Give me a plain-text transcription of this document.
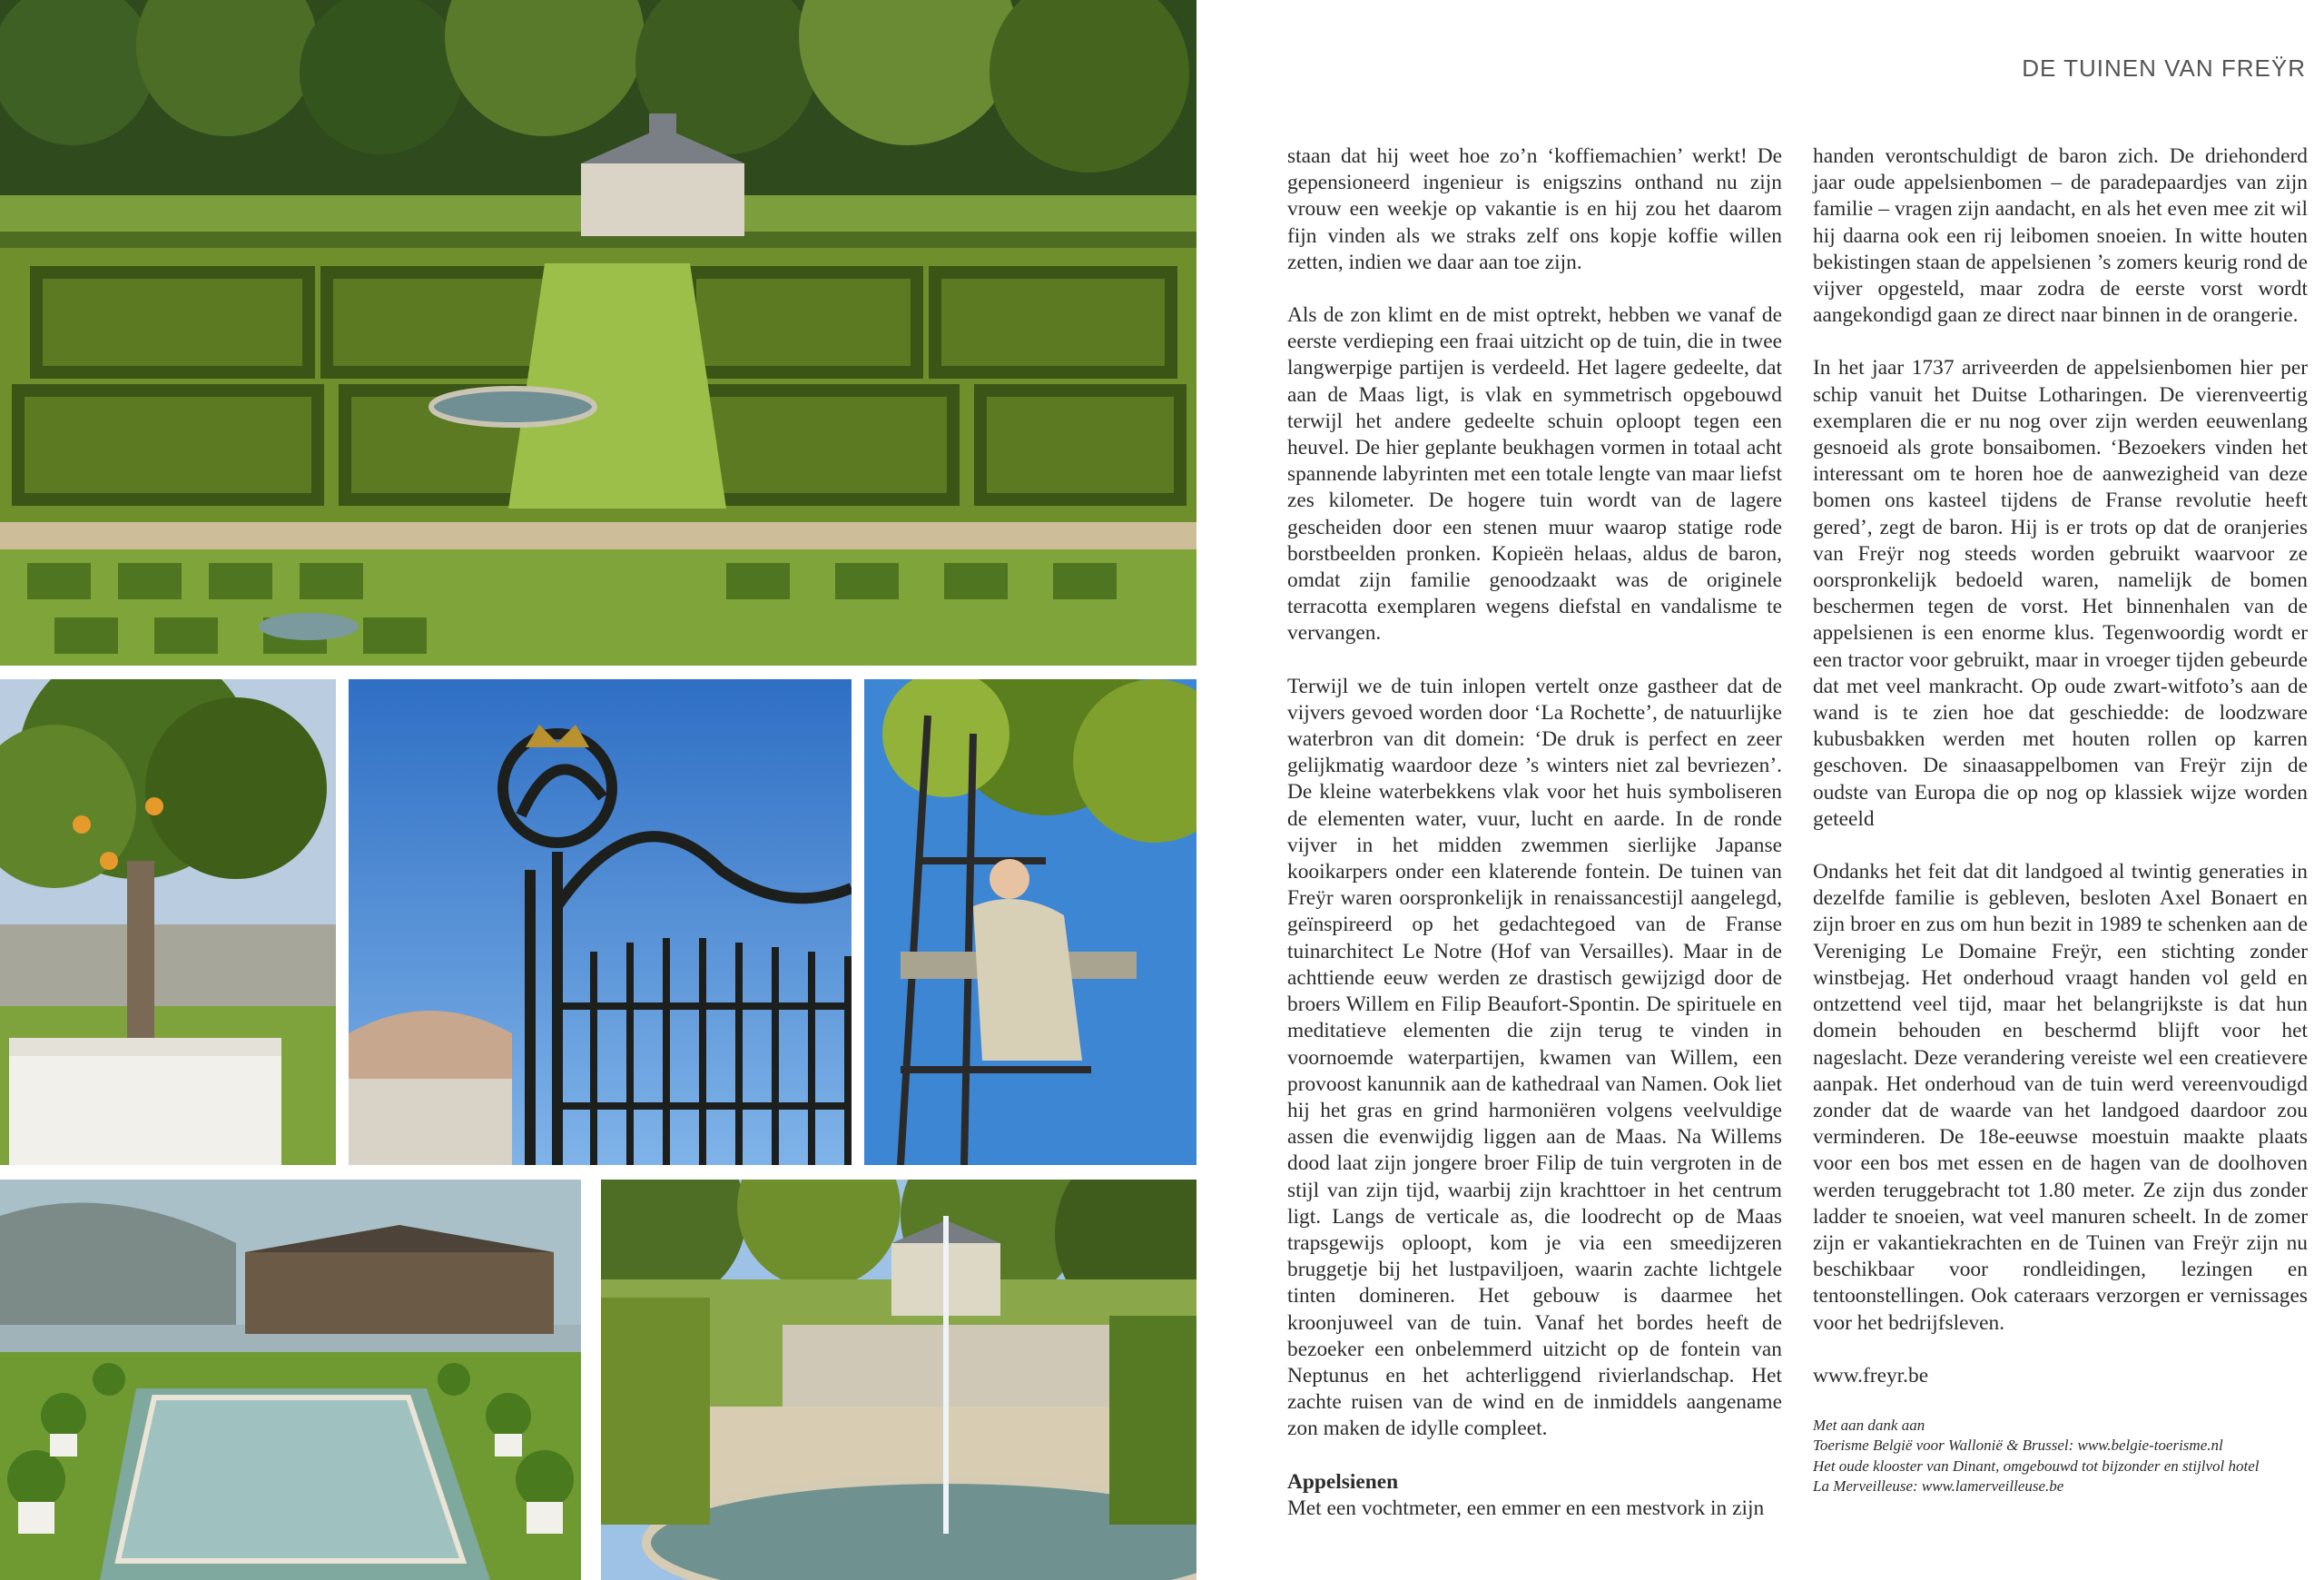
DE TUINEN VAN FREŸR

staan dat hij weet hoe zo’n ‘koffiemachien’ werkt! De gepensioneerd ingenieur is enigszins onthand nu zijn vrouw een weekje op vakantie is en hij zou het daarom fijn vinden als we straks zelf ons kopje koffie willen zetten, indien we daar aan toe zijn.

Als de zon klimt en de mist optrekt, hebben we vanaf de eerste verdieping een fraai uitzicht op de tuin, die in twee langwerpige partijen is verdeeld. Het lagere gedeelte, dat aan de Maas ligt, is vlak en symmetrisch opgebouwd terwijl het andere gedeelte schuin oploopt tegen een heuvel. De hier geplante beukhagen vormen in totaal acht spannende labyrinten met een totale lengte van maar liefst zes kilometer. De hogere tuin wordt van de lagere gescheiden door een stenen muur waarop statige rode borstbeelden pronken. Kopieën helaas, aldus de baron, omdat zijn familie genoodzaakt was de originele terracotta exemplaren wegens diefstal en vandalisme te vervangen.

Terwijl we de tuin inlopen vertelt onze gastheer dat de vijvers gevoed worden door ‘La Rochette’, de natuurlijke waterbron van dit domein: ‘De druk is perfect en zeer gelijkmatig waardoor deze ’s winters niet zal bevriezen’. De kleine waterbekkens vlak voor het huis symboliseren de elementen water, vuur, lucht en aarde. In de ronde vijver in het midden zwemmen sierlijke Japanse kooikarpers onder een klaterende fontein. De tuinen van Freÿr waren oorspronkelijk in renaissancestijl aangelegd, geïnspireerd op het gedachtegoed van de Franse tuinarchitect Le Notre (Hof van Versailles). Maar in de achttiende eeuw werden ze drastisch gewijzigd door de broers Willem en Filip Beaufort-Spontin. De spirituele en meditatieve elementen die zijn terug te vinden in voornoemde waterpartijen, kwamen van Willem, een provoost kanunnik aan de kathedraal van Namen. Ook liet hij het gras en grind harmoniëren volgens veelvuldige assen die evenwijdig liggen aan de Maas. Na Willems dood laat zijn jongere broer Filip de tuin vergroten in de stijl van zijn tijd, waarbij zijn krachttoer in het centrum ligt. Langs de verticale as, die loodrecht op de Maas trapsgewijs oploopt, kom je via een smeedijzeren bruggetje bij het lustpaviljoen, waarin zachte lichtgele tinten domineren. Het gebouw is daarmee het kroonjuweel van de tuin. Vanaf het bordes heeft de bezoeker een onbelemmerd uitzicht op de fontein van Neptunus en het achterliggend rivierlandschap. Het zachte ruisen van de wind en de inmiddels aangename zon maken de idylle compleet.

Appelsienen

Met een vochtmeter, een emmer en een mestvork in zijn

handen verontschuldigt de baron zich. De driehonderd jaar oude appelsienbomen – de paradepaardjes van zijn familie – vragen zijn aandacht, en als het even mee zit wil hij daarna ook een rij leibomen snoeien. In witte houten bekistingen staan de appelsienen ’s zomers keurig rond de vijver opgesteld, maar zodra de eerste vorst wordt aangekondigd gaan ze direct naar binnen in de orangerie.

In het jaar 1737 arriveerden de appelsienbomen hier per schip vanuit het Duitse Lotharingen. De vierenveertig exemplaren die er nu nog over zijn werden eeuwenlang gesnoeid als grote bonsaibomen. ‘Bezoekers vinden het interessant om te horen hoe de aanwezigheid van deze bomen ons kasteel tijdens de Franse revolutie heeft gered’, zegt de baron. Hij is er trots op dat de oranjeries van Freÿr nog steeds worden gebruikt waarvoor ze oorspronkelijk bedoeld waren, namelijk de bomen beschermen tegen de vorst. Het binnenhalen van de appelsienen is een enorme klus. Tegenwoordig wordt er een tractor voor gebruikt, maar in vroeger tijden gebeurde dat met veel mankracht. Op oude zwart-witfoto’s aan de wand is te zien hoe dat geschiedde: de loodzware kubusbakken werden met houten rollen op karren geschoven. De sinaasappelbomen van Freÿr zijn de oudste van Europa die op nog op klassiek wijze worden geteeld

Ondanks het feit dat dit landgoed al twintig generaties in dezelfde familie is gebleven, besloten Axel Bonaert en zijn broer en zus om hun bezit in 1989 te schenken aan de Vereniging Le Domaine Freÿr, een stichting zonder winstbejag. Het onderhoud vraagt handen vol geld en ontzettend veel tijd, maar het belangrijkste is dat hun domein behouden en beschermd blijft voor het nageslacht. Deze verandering vereiste wel een creatievere aanpak. Het onderhoud van de tuin werd vereenvoudigd zonder dat de waarde van het landgoed daardoor zou verminderen. De 18e-eeuwse moestuin maakte plaats voor een bos met essen en de hagen van de doolhoven werden teruggebracht tot 1.80 meter. Ze zijn dus zonder ladder te snoeien, wat veel manuren scheelt. In de zomer zijn er vakantiekrachten en de Tuinen van Freÿr zijn nu beschikbaar voor rondleidingen, lezingen en tentoonstellingen. Ook cateraars verzorgen er vernissages voor het bedrijfsleven.

www.freyr.be

Met aan dank aan
Toerisme België voor Wallonië & Brussel: www.belgie-toerisme.nl
Het oude klooster van Dinant, omgebouwd tot bijzonder en stijlvol hotel
La Merveilleuse: www.lamerveilleuse.be
